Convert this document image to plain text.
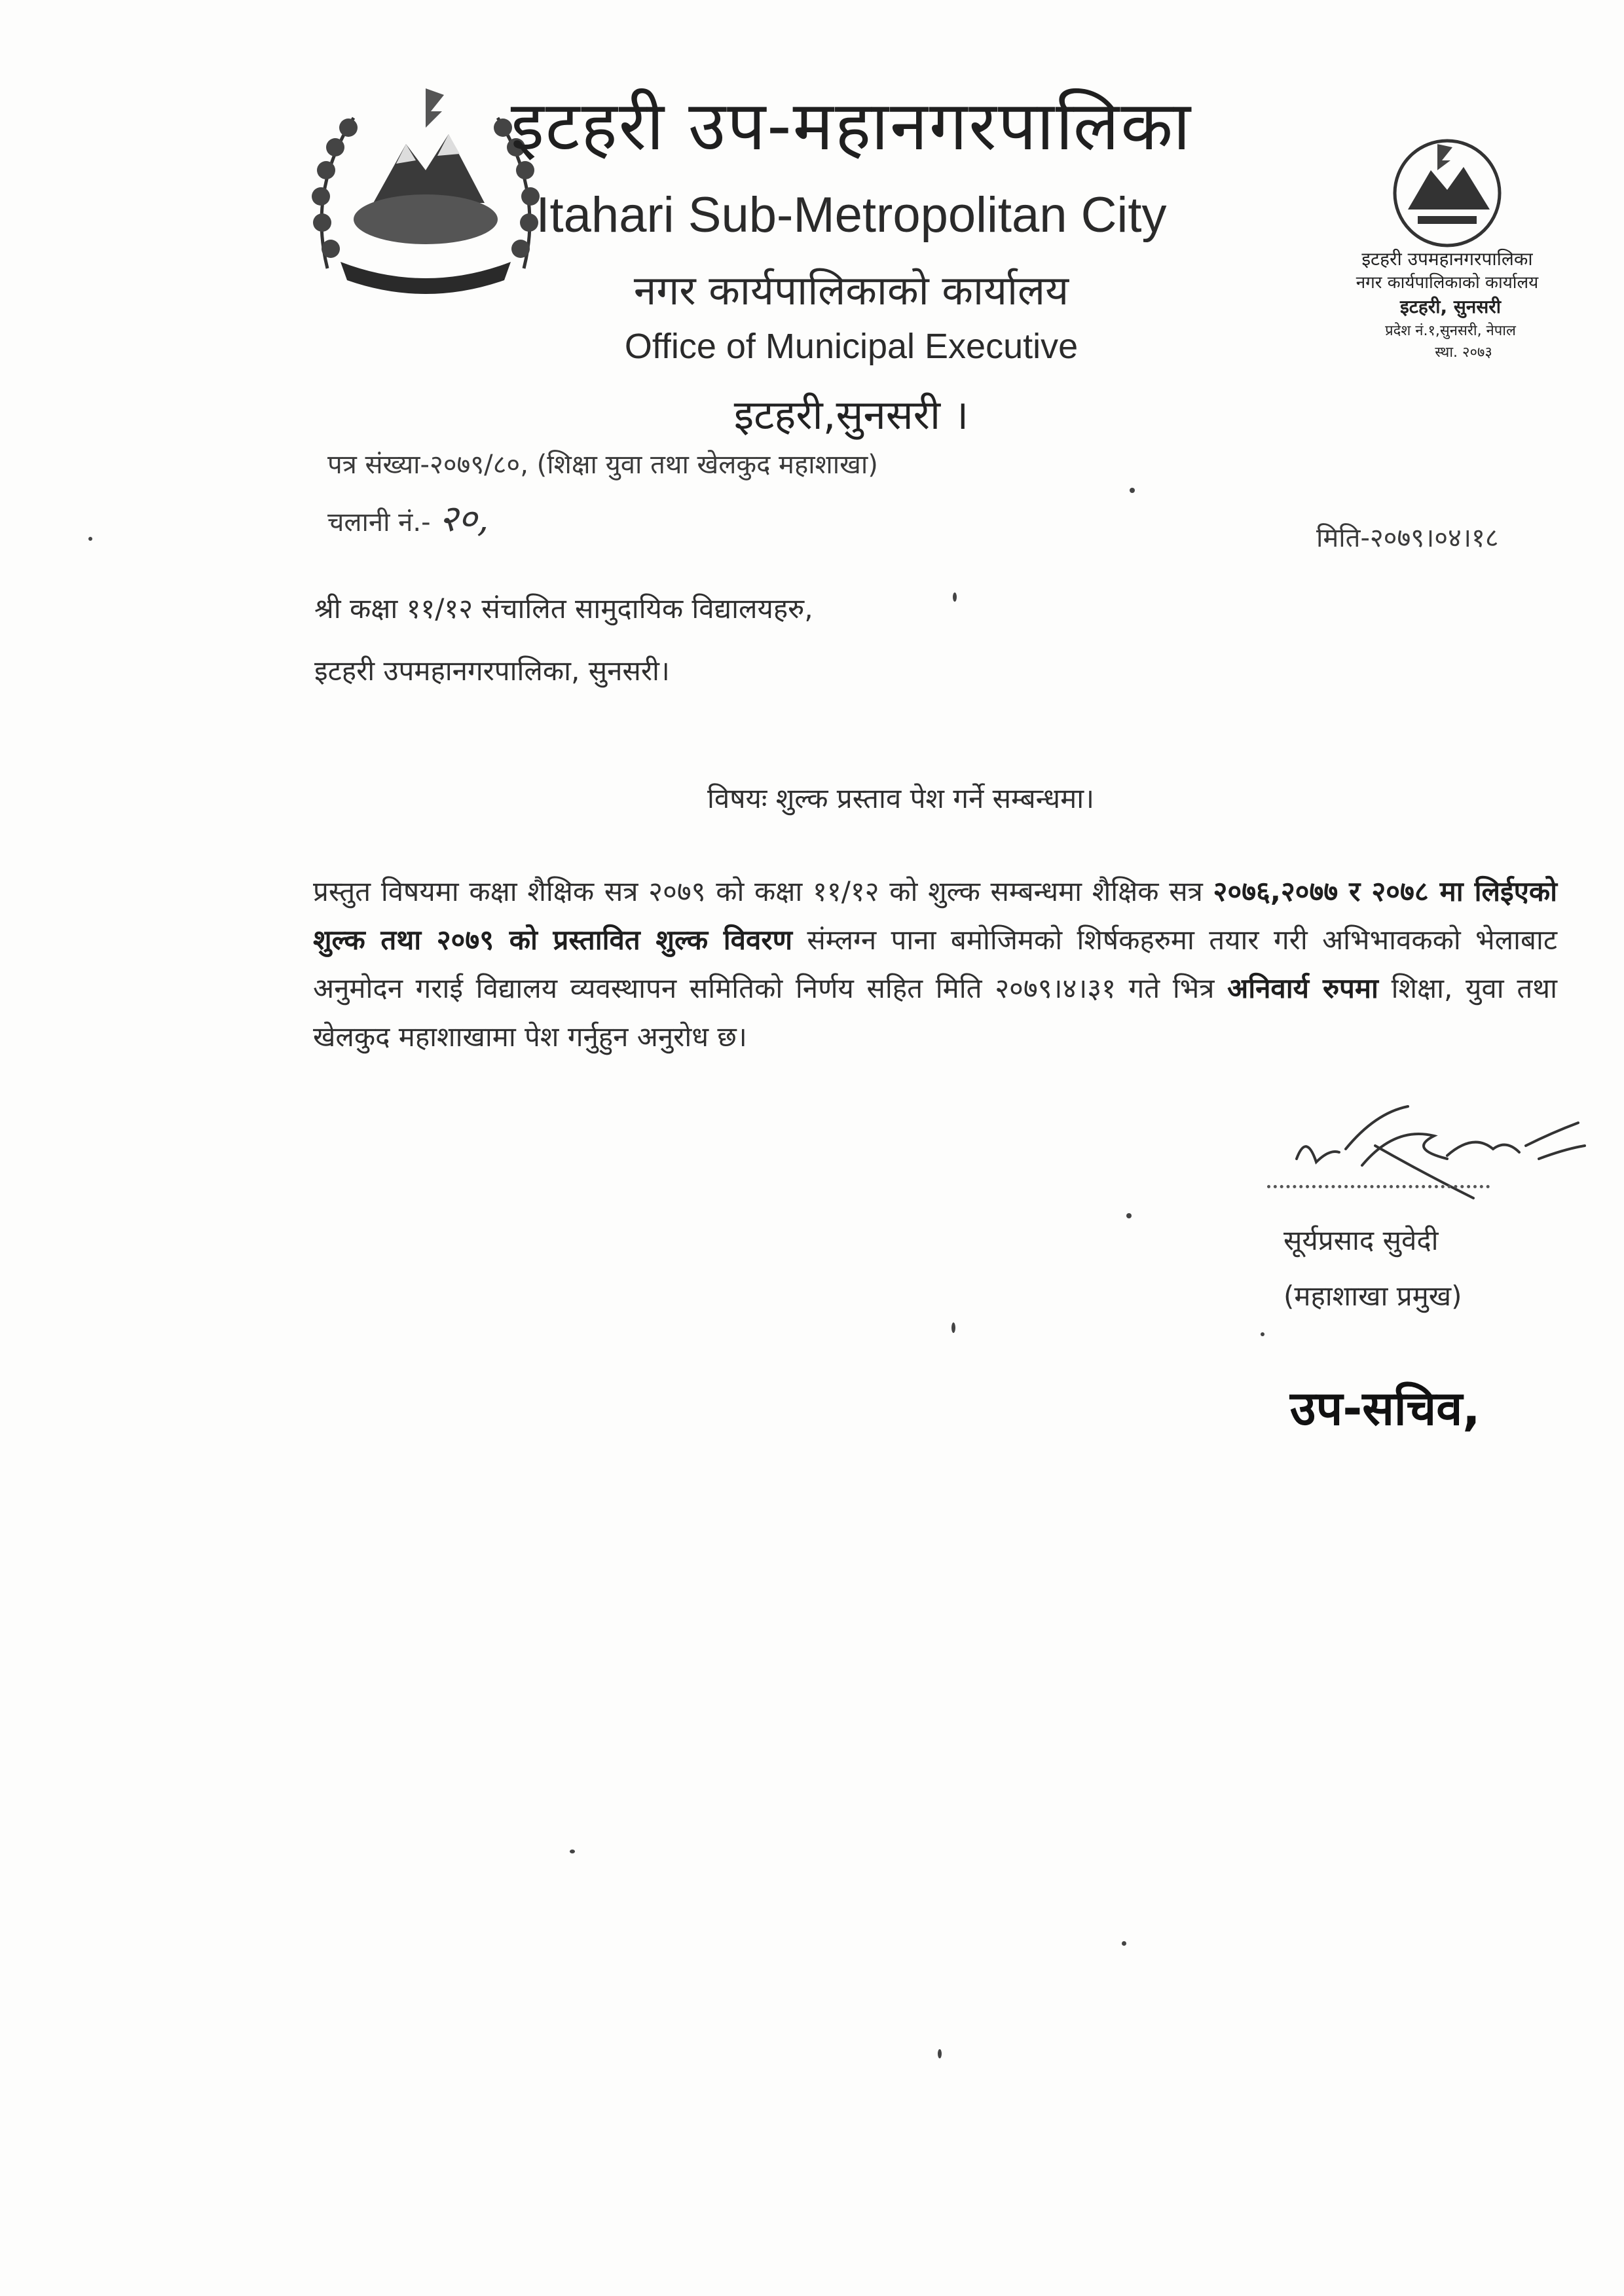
इटहरी उप-महानगरपालिका
Itahari Sub-Metropolitan City
नगर कार्यपालिकाको कार्यालय
Office of Municipal Executive
इटहरी,सुनसरी ।
इटहरी उपमहानगरपालिका
नगर कार्यपालिकाको कार्यालय
इटहरी, सुनसरी
प्रदेश नं.१,सुनसरी, नेपाल
स्था. २०७३
पत्र संख्या-२०७९/८०, (शिक्षा युवा तथा खेलकुद महाशाखा)
चलानी नं.- २०,	मिति-२०७९।०४।१८
श्री कक्षा ११/१२ संचालित सामुदायिक विद्यालयहरु,
इटहरी उपमहानगरपालिका, सुनसरी।
विषयः शुल्क प्रस्ताव पेश गर्ने सम्बन्धमा।
प्रस्तुत विषयमा कक्षा शैक्षिक सत्र २०७९ को कक्षा ११/१२ को शुल्क सम्बन्धमा शैक्षिक सत्र २०७६,२०७७ र २०७८ मा लिईएको शुल्क तथा २०७९ को प्रस्तावित शुल्क विवरण संम्लग्न पाना बमोजिमको शिर्षकहरुमा तयार गरी अभिभावकको भेलाबाट अनुमोदन गराई विद्यालय व्यवस्थापन समितिको निर्णय सहित मिति २०७९।४।३१ गते भित्र अनिवार्य रुपमा शिक्षा, युवा तथा खेलकुद महाशाखामा पेश गर्नुहुन अनुरोध छ।
सूर्यप्रसाद सुवेदी
(महाशाखा प्रमुख)
उप-सचिव,
